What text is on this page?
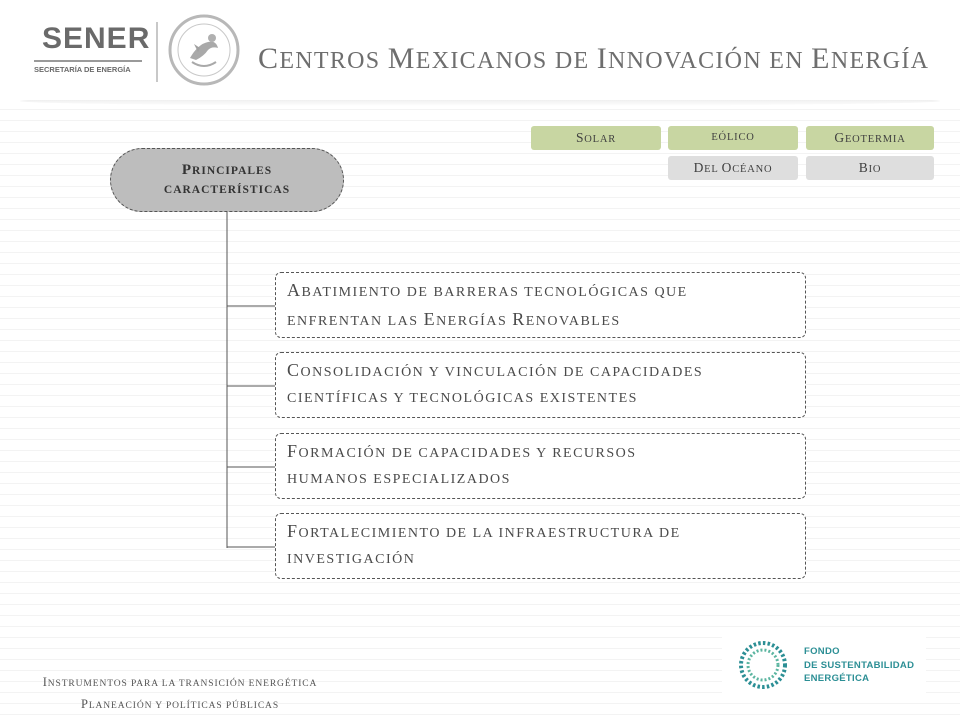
SENER
SECRETARÍA DE ENERGÍA	CENTROS MEXICANOS DE INNOVACIÓN EN ENERGÍA
SOLAR	EÓLICO	GEOTERMIA
DEL OCÉANO	BIO
PRINCIPALES
CARACTERÍSTICAS
ABATIMIENTO DE BARRERAS TECNOLÓGICAS QUE
ENFRENTAN LAS ENERGÍAS RENOVABLES
CONSOLIDACIÓN Y VINCULACIÓN DE CAPACIDADES
CIENTÍFICAS Y TECNOLÓGICAS EXISTENTES
FORMACIÓN DE CAPACIDADES Y RECURSOS
HUMANOS ESPECIALIZADOS
FORTALECIMIENTO DE LA INFRAESTRUCTURA DE
INVESTIGACIÓN
INSTRUMENTOS PARA LA TRANSICIÓN ENERGÉTICA
PLANEACIÓN Y POLÍTICAS PÚBLICAS
FONDO
DE SUSTENTABILIDAD
ENERGÉTICA
